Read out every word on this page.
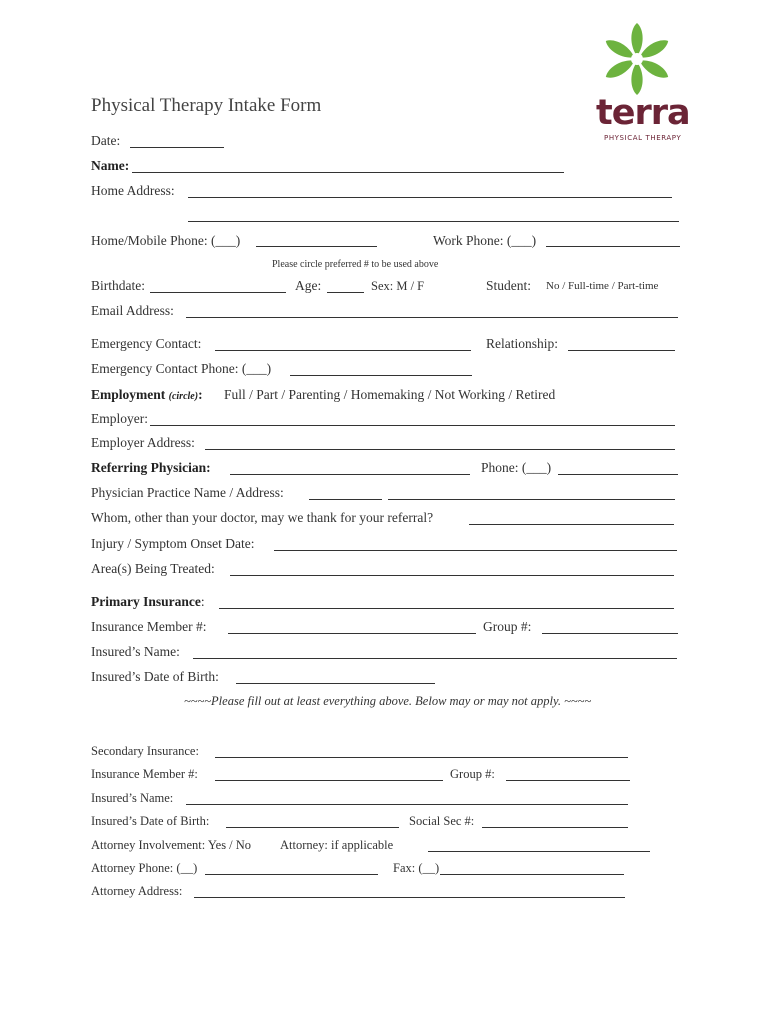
terra
PHYSICAL THERAPY
Physical Therapy Intake Form
Date:
Name:
Home Address:
Home/Mobile Phone: (___)	Work Phone: (___)
Please circle preferred # to be used above
Birthdate:	Age:	Sex: M / F	Student: No / Full-time / Part-time
Email Address:
Emergency Contact:	Relationship:
Emergency Contact Phone: (___)
Employment (circle): Full / Part / Parenting / Homemaking / Not Working / Retired
Employer:
Employer Address:
Referring Physician:	Phone: (___)
Physician Practice Name / Address:
Whom, other than your doctor, may we thank for your referral?
Injury / Symptom Onset Date:
Area(s) Being Treated:
Primary Insurance:
Insurance Member #:	Group #:
Insured’s Name:
Insured’s Date of Birth:
~~~~Please fill out at least everything above. Below may or may not apply. ~~~~
Secondary Insurance:
Insurance Member #:	Group #:
Insured’s Name:
Insured’s Date of Birth:	Social Sec #:
Attorney Involvement: Yes / No Attorney: if applicable
Attorney Phone: (__)	Fax: (__)
Attorney Address:
